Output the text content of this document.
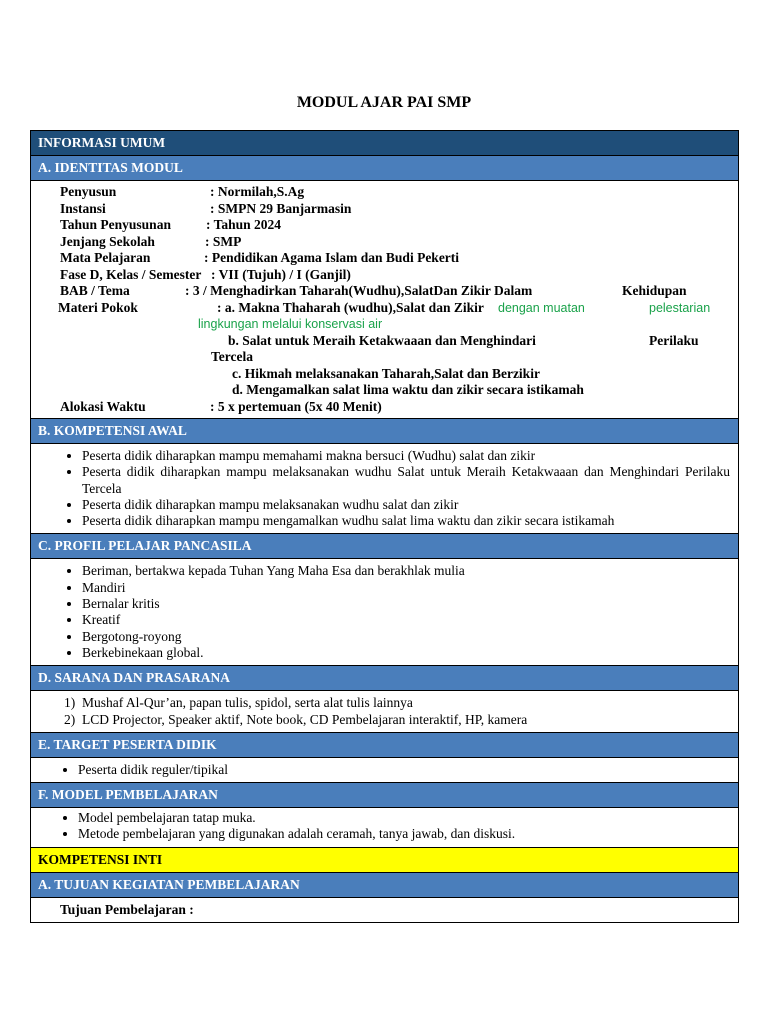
MODUL AJAR PAI SMP
INFORMASI UMUM
A. IDENTITAS MODUL
Penyusun	: Normilah,S.Ag
Instansi	: SMPN 29 Banjarmasin
Tahun Penyusunan	: Tahun 2024
Jenjang Sekolah	: SMP
Mata Pelajaran	: Pendidikan Agama Islam dan Budi Pekerti
Fase D, Kelas / Semester : VII (Tujuh) / I (Ganjil)
BAB / Tema	: 3 / Menghadirkan Taharah(Wudhu),SalatDan Zikir Dalam	Kehidupan
Materi Pokok	: a. Makna Thaharah (wudhu),Salat dan Zikir dengan muatan	pelestarian
lingkungan melalui konservasi air
b. Salat untuk Meraih Ketakwaaan dan Menghindari	Perilaku
Tercela
c. Hikmah melaksanakan Taharah,Salat dan Berzikir
d. Mengamalkan salat lima waktu dan zikir secara istikamah
Alokasi Waktu	: 5 x pertemuan (5x 40 Menit)
B. KOMPETENSI AWAL
• Peserta didik diharapkan mampu memahami makna bersuci (Wudhu) salat dan zikir
• Peserta didik diharapkan mampu melaksanakan wudhu Salat untuk Meraih Ketakwaaan dan Menghindari Perilaku Tercela
• Peserta didik diharapkan mampu melaksanakan wudhu salat dan zikir
• Peserta didik diharapkan mampu mengamalkan wudhu salat lima waktu dan zikir secara istikamah
C. PROFIL PELAJAR PANCASILA
• Beriman, bertakwa kepada Tuhan Yang Maha Esa dan berakhlak mulia
• Mandiri
• Bernalar kritis
• Kreatif
• Bergotong-royong
• Berkebinekaan global.
D. SARANA DAN PRASARANA
1. Mushaf Al-Qur’an, papan tulis, spidol, serta alat tulis lainnya
2. LCD Projector, Speaker aktif, Note book, CD Pembelajaran interaktif, HP, kamera
E. TARGET PESERTA DIDIK
• Peserta didik reguler/tipikal
F. MODEL PEMBELAJARAN
• Model pembelajaran tatap muka.
• Metode pembelajaran yang digunakan adalah ceramah, tanya jawab, dan diskusi.
KOMPETENSI INTI
A. TUJUAN KEGIATAN PEMBELAJARAN
Tujuan Pembelajaran :
